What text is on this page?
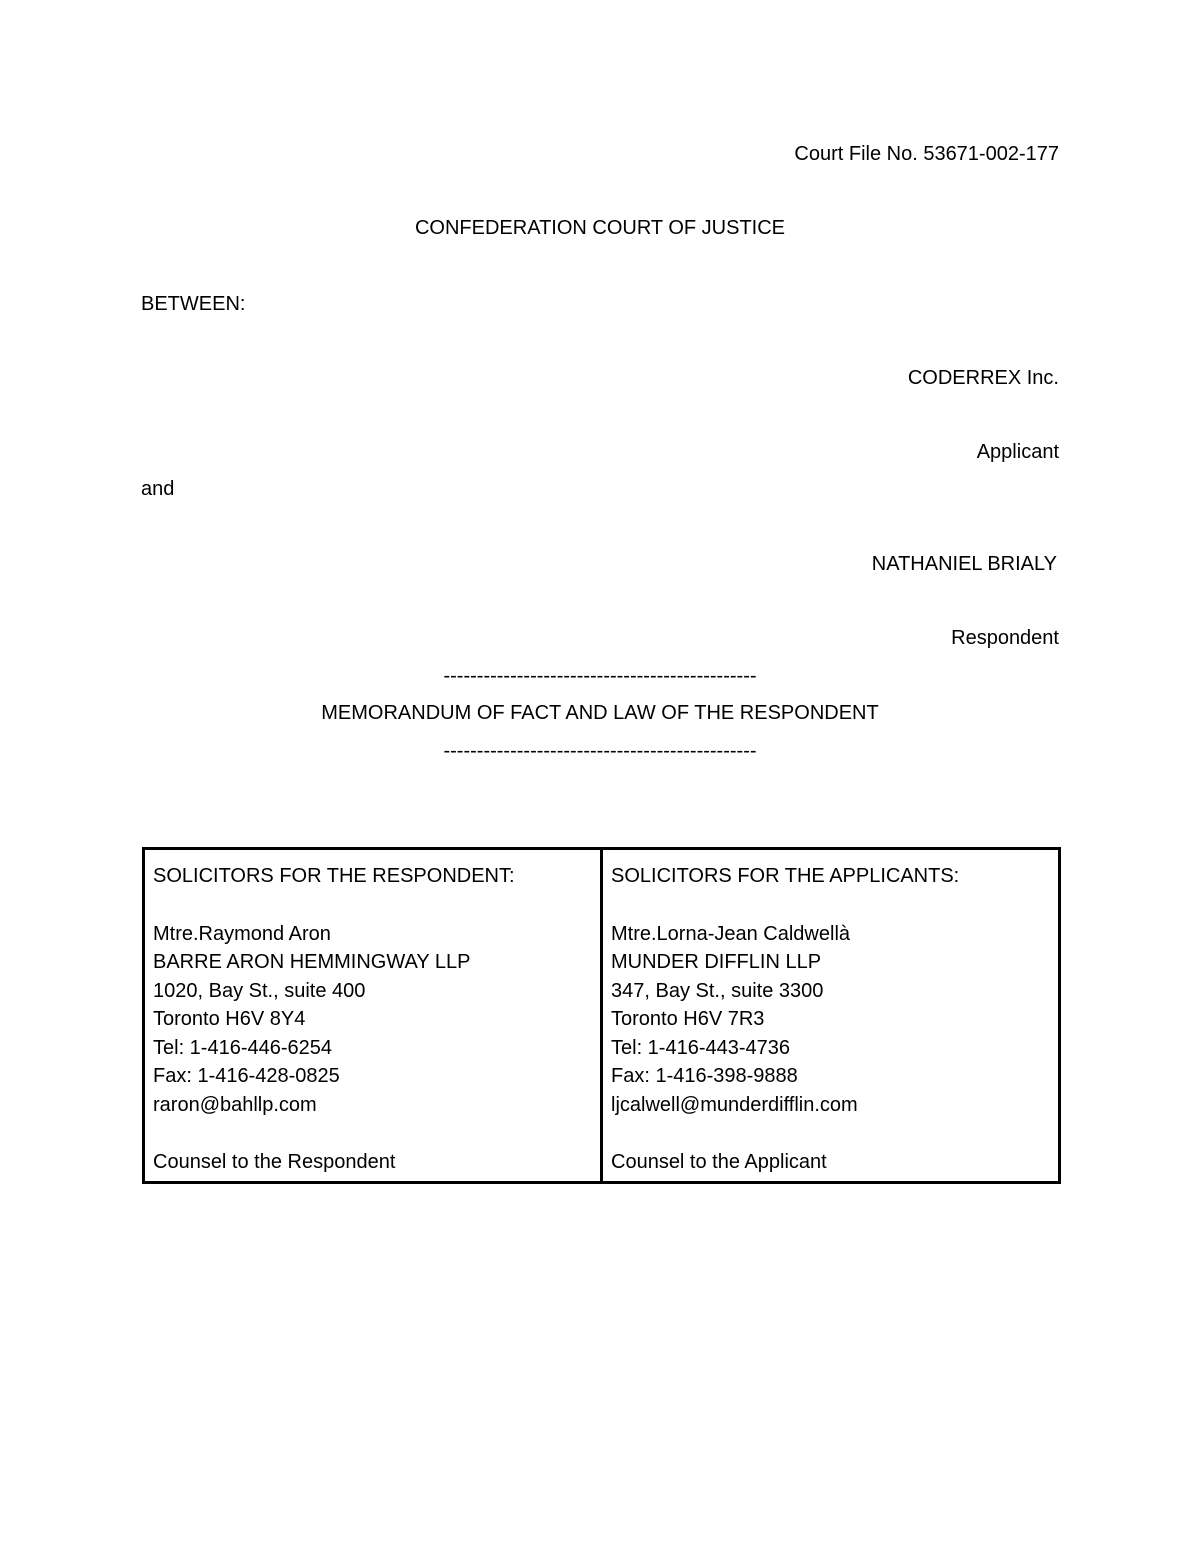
Court File No. 53671-002-177
CONFEDERATION COURT OF JUSTICE
BETWEEN:
CODERREX Inc.
Applicant
and
NATHANIEL BRIALY
Respondent
-----------------------------------------------
MEMORANDUM OF FACT AND LAW OF THE RESPONDENT
-----------------------------------------------
SOLICITORS FOR THE RESPONDENT:
Mtre.Raymond Aron
BARRE ARON HEMMINGWAY LLP
1020, Bay St., suite 400
Toronto H6V 8Y4
Tel: 1-416-446-6254
Fax: 1-416-428-0825
raron@bahllp.com
Counsel to the Respondent
SOLICITORS FOR THE APPLICANTS:
Mtre.Lorna-Jean Caldwellà
MUNDER DIFFLIN LLP
347, Bay St., suite 3300
Toronto H6V 7R3
Tel: 1-416-443-4736
Fax: 1-416-398-9888
ljcalwell@munderdifflin.com
Counsel to the Applicant
